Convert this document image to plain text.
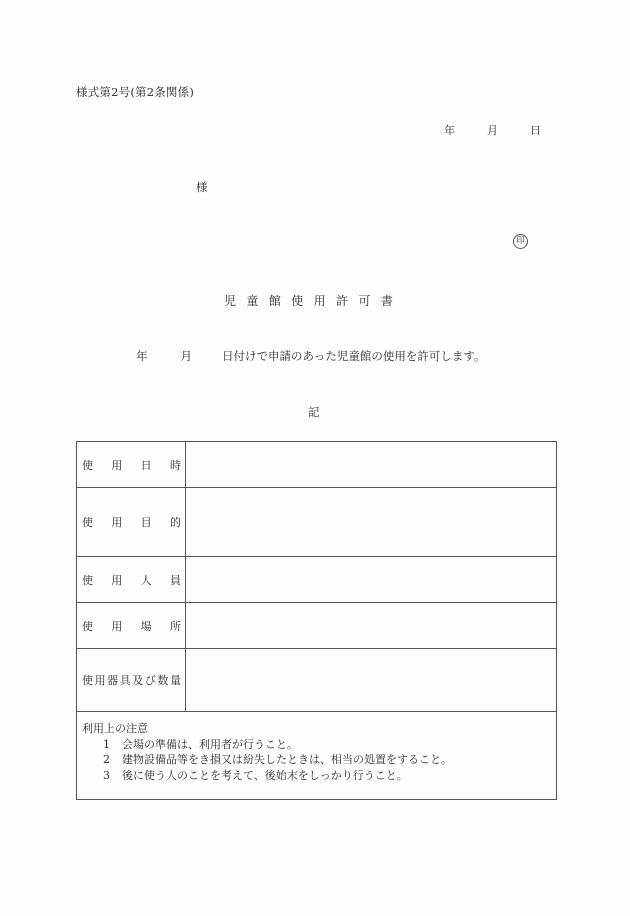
様式第2号(第2条関係)
年	月	日
様
印
児童館使用許可書
年	月	日付けで申請のあった児童館の使用を許可します。
記
使 用 日 時	

使 用 目 的	

使 用 人 員	

使 用 場 所	

使 用 器 具 及 び 数 量

利用上の注意
1	会場の準備は、利用者が行うこと。
2	建物設備品等をき損又は紛失したときは、相当の処置をすること。
3	後に使う人のことを考えて、後始末をしっかり行うこと。
